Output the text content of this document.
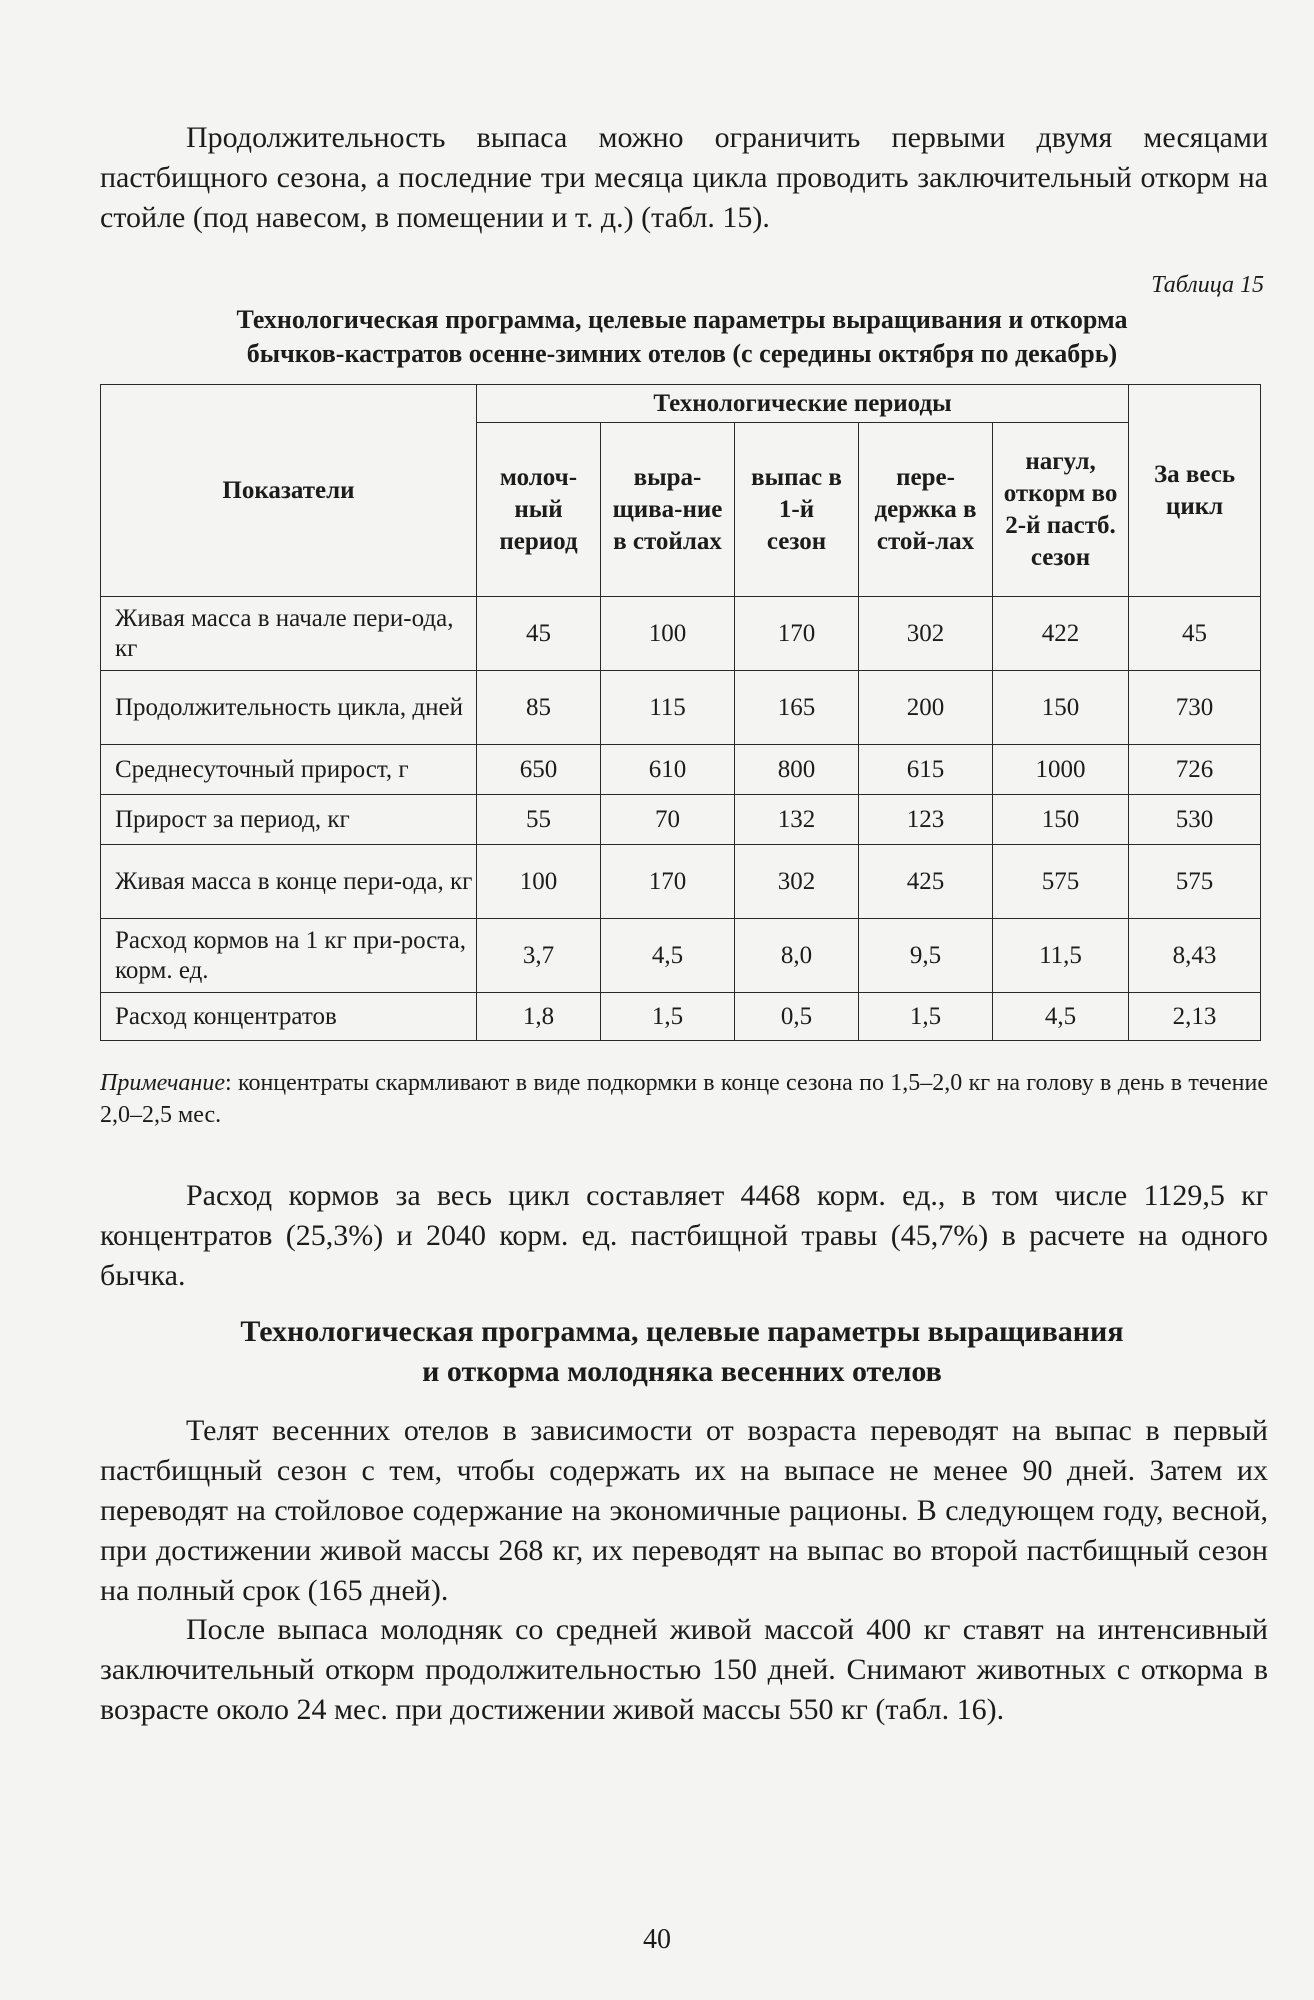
Продолжительность выпаса можно ограничить первыми двумя месяцами пастбищного сезона, а последние три месяца цикла проводить заключительный откорм на стойле (под навесом, в помещении и т. д.) (табл. 15).

Таблица 15
Технологическая программа, целевые параметры выращивания и откорма
бычков-кастратов осенне-зимних отелов (с середины октября по декабрь)
Показатели	Технологические периоды					За весь цикл
	молоч-ный период	выра-щива-ние в стойлах	выпас в 1-й сезон	пере-держка в стой-лах	нагул, откорм во 2-й пастб. сезон	
Живая масса в начале пери-ода, кг	45	100	170	302	422	45
Продолжительность цикла, дней	85	115	165	200	150	730
Среднесуточный прирост, г	650	610	800	615	1000	726
Прирост за период, кг	55	70	132	123	150	530
Живая масса в конце пери-ода, кг	100	170	302	425	575	575
Расход кормов на 1 кг при-роста, корм. ед.	3,7	4,5	8,0	9,5	11,5	8,43
Расход концентратов	1,8	1,5	0,5	1,5	4,5	2,13
Примечание: концентраты скармливают в виде подкормки в конце сезона по 1,5–2,0 кг на голову в день в течение 2,0–2,5 мес.

Расход кормов за весь цикл составляет 4468 корм. ед., в том числе 1129,5 кг концентратов (25,3%) и 2040 корм. ед. пастбищной травы (45,7%) в расчете на одного бычка.

Технологическая программа, целевые параметры выращивания
и откорма молодняка весенних отелов

Телят весенних отелов в зависимости от возраста переводят на выпас в первый пастбищный сезон с тем, чтобы содержать их на выпасе не менее 90 дней. Затем их переводят на стойловое содержание на экономичные рационы. В следующем году, весной, при достижении живой массы 268 кг, их переводят на выпас во второй пастбищный сезон на полный срок (165 дней).

После выпаса молодняк со средней живой массой 400 кг ставят на интенсивный заключительный откорм продолжительностью 150 дней. Снимают животных с откорма в возрасте около 24 мес. при достижении живой массы 550 кг (табл. 16).

40
